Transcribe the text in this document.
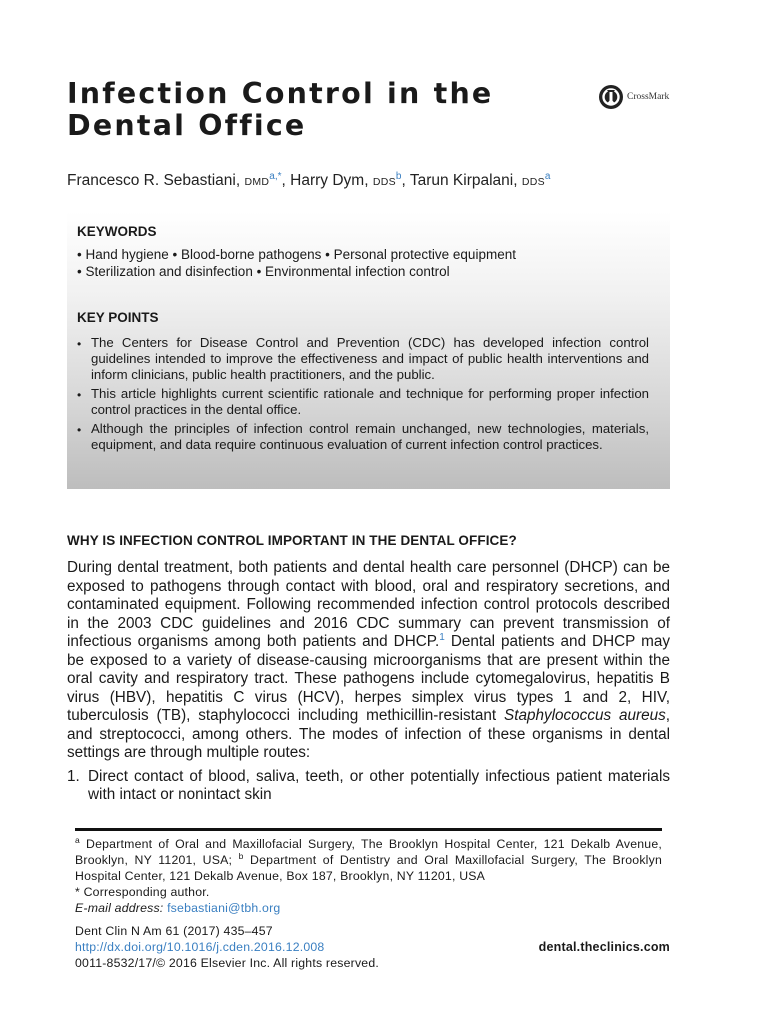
Infection Control in the
Dental Office
CrossMark
Francesco R. Sebastiani, $DMD^{a,*}$, Harry Dym, DDS$^b$, Tarun Kirpalani, DDS$^a$
KEYWORDS
• Hand hygiene • Blood-borne pathogens • Personal protective equipment
• Sterilization and disinfection • Environmental infection control
KEY POINTS
• The Centers for Disease Control and Prevention (CDC) has developed infection control guidelines intended to improve the effectiveness and impact of public health interventions and inform clinicians, public health practitioners, and the public.
• This article highlights current scientific rationale and technique for performing proper infection control practices in the dental office.
• Although the principles of infection control remain unchanged, new technologies, materials, equipment, and data require continuous evaluation of current infection control practices.
WHY IS INFECTION CONTROL IMPORTANT IN THE DENTAL OFFICE?

During dental treatment, both patients and dental health care personnel (DHCP) can be exposed to pathogens through contact with blood, oral and respiratory secretions, and contaminated equipment. Following recommended infection control protocols described in the 2003 CDC guidelines and 2016 CDC summary can prevent transmission of infectious organisms among both patients and DHCP.$^1$ Dental patients and DHCP may be exposed to a variety of disease-causing microorganisms that are present within the oral cavity and respiratory tract. These pathogens include cytomegalovirus, hepatitis B virus (HBV), hepatitis C virus (HCV), herpes simplex virus types 1 and 2, HIV, tuberculosis (TB), staphylococci including methicillin-resistant Staphylococcus aureus, and streptococci, among others. The modes of infection of these organisms in dental settings are through multiple routes:

1. Direct contact of blood, saliva, teeth, or other potentially infectious patient materials with intact or nonintact skin

$^a$ Department of Oral and Maxillofacial Surgery, The Brooklyn Hospital Center, 121 Dekalb Avenue, Brooklyn, NY 11201, USA; $^b$ Department of Dentistry and Oral Maxillofacial Surgery, The Brooklyn Hospital Center, 121 Dekalb Avenue, Box 187, Brooklyn, NY 11201, USA

* Corresponding author.

E-mail address: fsebastiani@tbh.org

Dent Clin N Am 61 (2017) 435–457
http://dx.doi.org/10.1016/j.cden.2016.12.008	dental.theclinics.com
0011-8532/17/© 2016 Elsevier Inc. All rights reserved.
